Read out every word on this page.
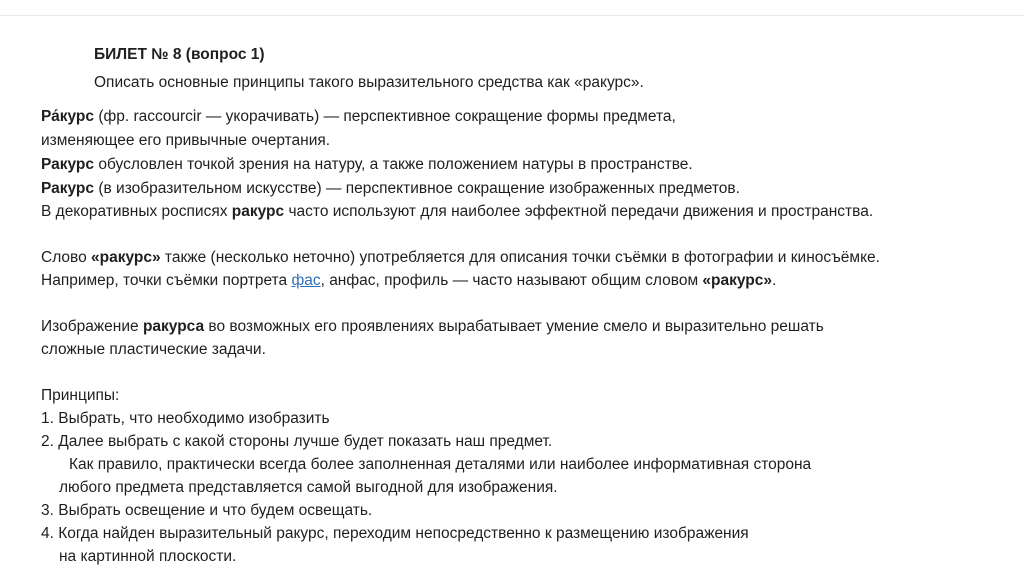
БИЛЕТ № 8 (вопрос 1)
Описать основные принципы такого выразительного средства как «ракурс».
Ра́курс (фр. raccourcir — укорачивать) — перспективное сокращение формы предмета,
изменяющее его привычные очертания.
Ракурс обусловлен точкой зрения на натуру, а также положением натуры в пространстве.
Ракурс (в изобразительном искусстве) — перспективное сокращение изображенных предметов.
В декоративных росписях ракурс часто используют для наиболее эффектной передачи движения и пространства.
Слово «ракурс» также (несколько неточно) употребляется для описания точки съёмки в фотографии и киносъёмке.
Например, точки съёмки портрета фас, анфас, профиль — часто называют общим словом «ракурс».
Изображение ракурса во возможных его проявлениях вырабатывает умение смело и выразительно решать
сложные пластические задачи.
Принципы:
1. Выбрать, что необходимо изобразить
2. Далее выбрать с какой стороны лучше будет показать наш предмет.
Как правило, практически всегда более заполненная деталями или наиболее информативная сторона
любого предмета представляется самой выгодной для изображения.
3. Выбрать освещение и что будем освещать.
4. Когда найден выразительный ракурс, переходим непосредственно к размещению изображения
на картинной плоскости.
